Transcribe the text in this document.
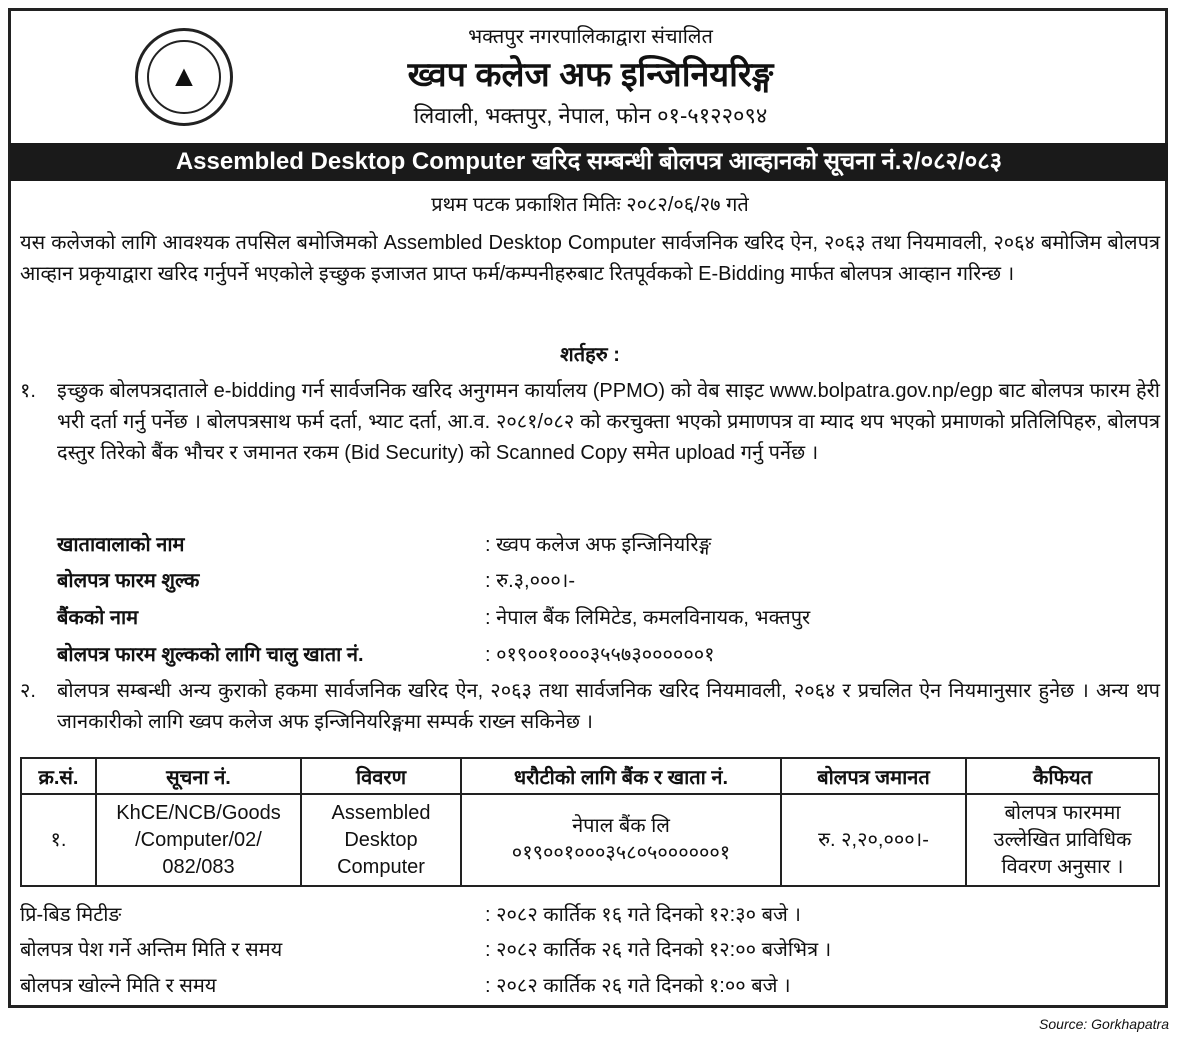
▲
भक्तपुर नगरपालिकाद्वारा संचालित
ख्वप कलेज अफ इन्जिनियरिङ्ग
लिवाली, भक्तपुर, नेपाल, फोन ०१-५१२२०९४
Assembled Desktop Computer खरिद सम्बन्धी बोलपत्र आव्हानको सूचना नं.२/०८२/०८३
प्रथम पटक प्रकाशित मितिः २०८२/०६/२७ गते
यस कलेजको लागि आवश्यक तपसिल बमोजिमको Assembled Desktop Computer सार्वजनिक खरिद ऐन, २०६३ तथा नियमावली, २०६४ बमोजिम बोलपत्र आव्हान प्रकृयाद्वारा खरिद गर्नुपर्ने भएकोले इच्छुक इजाजत प्राप्त फर्म/कम्पनीहरुबाट रितपूर्वकको E-Bidding मार्फत बोलपत्र आव्हान गरिन्छ ।
शर्तहरु :
१.	इच्छुक बोलपत्रदाताले e-bidding गर्न सार्वजनिक खरिद अनुगमन कार्यालय (PPMO) को वेब साइट www.bolpatra.gov.np/egp बाट बोलपत्र फारम हेरी भरी दर्ता गर्नु पर्नेछ । बोलपत्रसाथ फर्म दर्ता, भ्याट दर्ता, आ.व. २०८१/०८२ को करचुक्ता भएको प्रमाणपत्र वा म्याद थप भएको प्रमाणको प्रतिलिपिहरु, बोलपत्र दस्तुर तिरेको बैंक भौचर र जमानत रकम (Bid Security) को Scanned Copy समेत upload गर्नु पर्नेछ ।
खातावालाको नाम	: ख्वप कलेज अफ इन्जिनियरिङ्ग
बोलपत्र फारम शुल्क	: रु.३,०००।-
बैंकको नाम	: नेपाल बैंक लिमिटेड, कमलविनायक, भक्तपुर
बोलपत्र फारम शुल्कको लागि चालु खाता नं.	: ०१९००१०००३५५७३००००००१
२.	बोलपत्र सम्बन्धी अन्य कुराको हकमा सार्वजनिक खरिद ऐन, २०६३ तथा सार्वजनिक खरिद नियमावली, २०६४ र प्रचलित ऐन नियमानुसार हुनेछ । अन्य थप जानकारीको लागि ख्वप कलेज अफ इन्जिनियरिङ्गमा सम्पर्क राख्न सकिनेछ ।
क्र.सं.	सूचना नं.	विवरण	धरौटीको लागि बैंक र खाता नं.	बोलपत्र जमानत	कैफियत
१.	KhCE/NCB/Goods /Computer/02/ 082/083	Assembled Desktop Computer	नेपाल बैंक लि ०१९००१०००३५८०५००००००१	रु. २,२०,०००।-	बोलपत्र फारममा उल्लेखित प्राविधिक विवरण अनुसार ।
प्रि-बिड मिटीङ	: २०८२ कार्तिक १६ गते दिनको १२:३० बजे ।
बोलपत्र पेश गर्ने अन्तिम मिति र समय	: २०८२ कार्तिक २६ गते दिनको १२:०० बजेभित्र ।
बोलपत्र खोल्ने मिति र समय	: २०८२ कार्तिक २६ गते दिनको १:०० बजे ।
Source: Gorkhapatra
